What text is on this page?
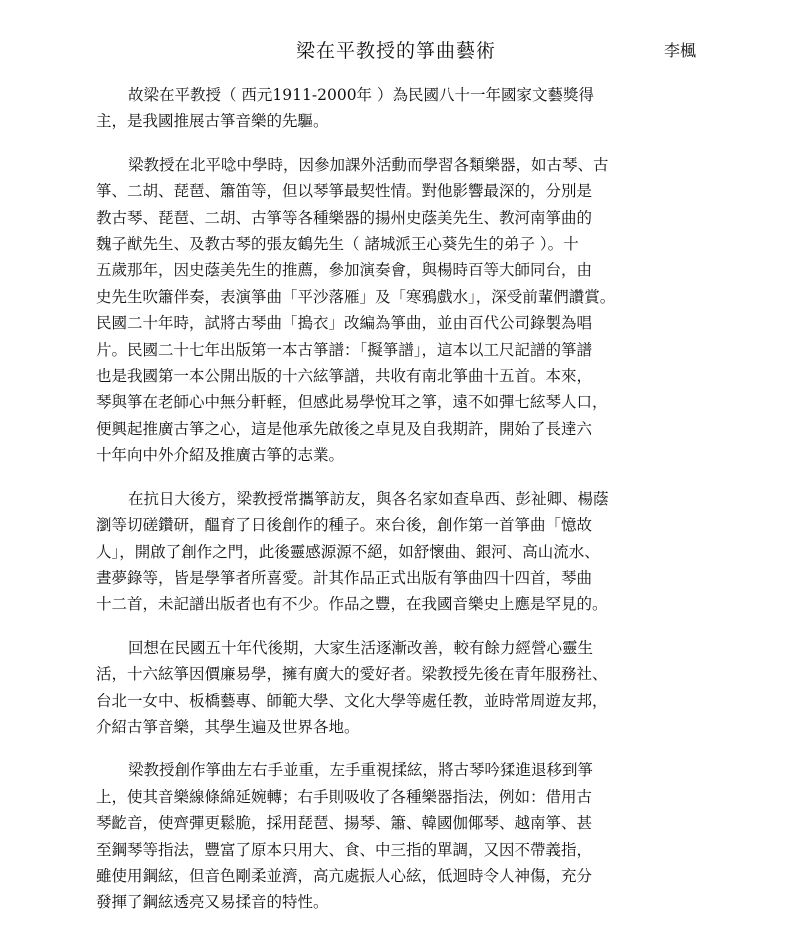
梁在平教授的箏曲藝術	李楓
故梁在平教授（ 西元1911-2000年 ）為民國八十一年國家文藝獎得
主，是我國推展古箏音樂的先驅。
梁教授在北平唸中學時，因參加課外活動而學習各類樂器，如古琴、古
箏、二胡、琵琶、簫笛等，但以琴箏最契性情。對他影響最深的，分別是
教古琴、琵琶、二胡、古箏等各種樂器的揚州史蔭美先生、教河南箏曲的
魏子猷先生、及教古琴的張友鶴先生（ 諸城派王心葵先生的弟子 ）。十
五歲那年，因史蔭美先生的推薦，參加演奏會，與楊時百等大師同台，由
史先生吹簫伴奏，表演箏曲「平沙落雁」及「寒鴉戲水」，深受前輩們讚賞。
民國二十年時，試將古琴曲「搗衣」改編為箏曲，並由百代公司錄製為唱
片。民國二十七年出版第一本古箏譜：「擬箏譜」，這本以工尺記譜的箏譜
也是我國第一本公開出版的十六絃箏譜，共收有南北箏曲十五首。本來，
琴與箏在老師心中無分軒輊，但感此易學悅耳之箏，遠不如彈七絃琴人口，
便興起推廣古箏之心，這是他承先啟後之卓見及自我期許，開始了長達六
十年向中外介紹及推廣古箏的志業。
在抗日大後方，梁教授常攜箏訪友，與各名家如查阜西、彭祉卿、楊蔭
瀏等切磋鑽研，醞育了日後創作的種子。來台後，創作第一首箏曲「憶故
人」，開啟了創作之門，此後靈感源源不絕，如舒懷曲、銀河、高山流水、
晝夢錄等，皆是學箏者所喜愛。計其作品正式出版有箏曲四十四首，琴曲
十二首，未記譜出版者也有不少。作品之豐，在我國音樂史上應是罕見的。
回想在民國五十年代後期，大家生活逐漸改善，較有餘力經營心靈生
活，十六絃箏因價廉易學，擁有廣大的愛好者。梁教授先後在青年服務社、
台北一女中、板橋藝專、師範大學、文化大學等處任教，並時常周遊友邦，
介紹古箏音樂，其學生遍及世界各地。
梁教授創作箏曲左右手並重，左手重視揉絃，將古琴吟猱進退移到箏
上，使其音樂線條綿延婉轉；右手則吸收了各種樂器指法，例如：借用古
琴齕音，使齊彈更鬆脆，採用琵琶、揚琴、簫、韓國伽倻琴、越南箏、甚
至鋼琴等指法，豐富了原本只用大、食、中三指的單調，又因不帶義指，
雖使用鋼絃，但音色剛柔並濟，高亢處振人心絃，低迴時令人神傷，充分
發揮了鋼絃透亮又易揉音的特性。
